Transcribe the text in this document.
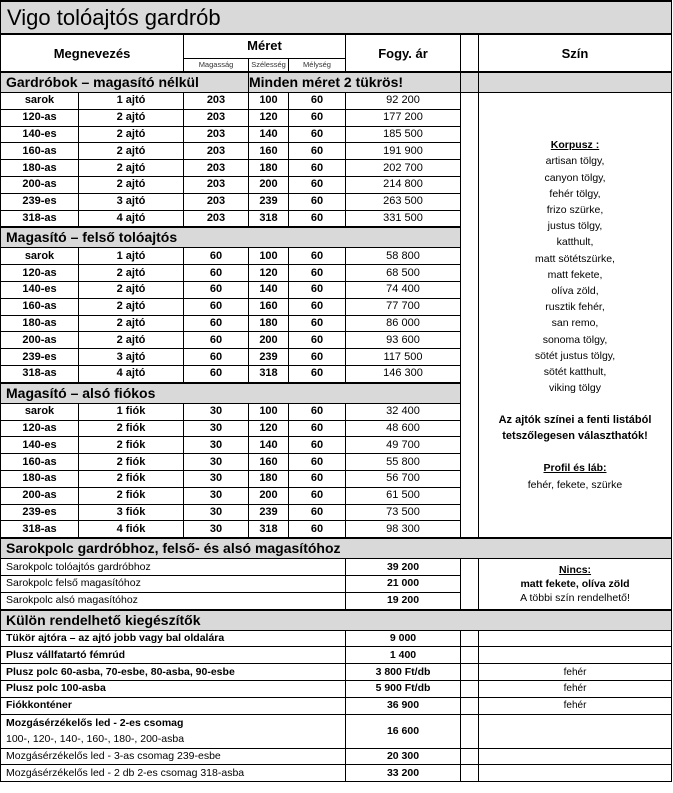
Vigo tolóajtós gardrób							
Megnevezés		Méret			Fogy. ár		Szín
		Magasság	Szélesség	Mélység			
Gardróbok – magasító nélkül			Minden méret 2 tükrös!				
sarok	1 ajtó	203	100	60	92 200		
Korpusz :
artisan tölgy,
canyon tölgy,
fehér tölgy,
frizo szürke,
justus tölgy,
katthult,
matt sötétszürke,
matt fekete,
olíva zöld,
rusztik fehér,
san remo,
sonoma tölgy,
sötét justus tölgy,
sötét katthult,
viking tölgy
Az ajtók színei a fenti listából
tetszőlegesen választhatók!
Profil és láb:
fehér, fekete, szürke

120-as	2 ajtó	203	120	60	177 200		
140-es	2 ajtó	203	140	60	185 500		
160-as	2 ajtó	203	160	60	191 900		
180-as	2 ajtó	203	180	60	202 700		
200-as	2 ajtó	203	200	60	214 800		
239-es	3 ajtó	203	239	60	263 500		
318-as	4 ajtó	203	318	60	331 500		
Magasító – felső tolóajtós							
sarok	1 ajtó	60	100	60	58 800		
120-as	2 ajtó	60	120	60	68 500		
140-es	2 ajtó	60	140	60	74 400		
160-as	2 ajtó	60	160	60	77 700		
180-as	2 ajtó	60	180	60	86 000		
200-as	2 ajtó	60	200	60	93 600		
239-es	3 ajtó	60	239	60	117 500		
318-as	4 ajtó	60	318	60	146 300		
Magasító – alsó fiókos							
sarok	1 fiók	30	100	60	32 400		
120-as	2 fiók	30	120	60	48 600		
140-es	2 fiók	30	140	60	49 700		
160-as	2 fiók	30	160	60	55 800		
180-as	2 fiók	30	180	60	56 700		
200-as	2 fiók	30	200	60	61 500		
239-es	3 fiók	30	239	60	73 500		
318-as	4 fiók	30	318	60	98 300		
Sarokpolc gardróbhoz, felső- és alsó magasítóhoz							
Sarokpolc tolóajtós gardróbhoz					39 200		Nincs:
matt fekete, olíva zöld
A többi szín rendelhető!

Sarokpolc felső magasítóhoz					21 000		
Sarokpolc alsó magasítóhoz					19 200		
Külön rendelhető kiegészítők							
Tükör ajtóra – az ajtó jobb vagy bal oldalára					9 000		
Plusz vállfatartó fémrúd					1 400		
Plusz polc 60-asba, 70-esbe, 80-asba, 90-esbe					3 800 Ft/db		fehér
Plusz polc 100-asba					5 900 Ft/db		fehér
Fiókkonténer					36 900		fehér

Mozgásérzékelős led - 2-es csomag
100-, 120-, 140-, 160-, 180-, 200-asba					16 600		
Mozgásérzékelős led - 3-as csomag 239-esbe					20 300		
Mozgásérzékelős led - 2 db 2-es csomag 318-asba					33 200		
